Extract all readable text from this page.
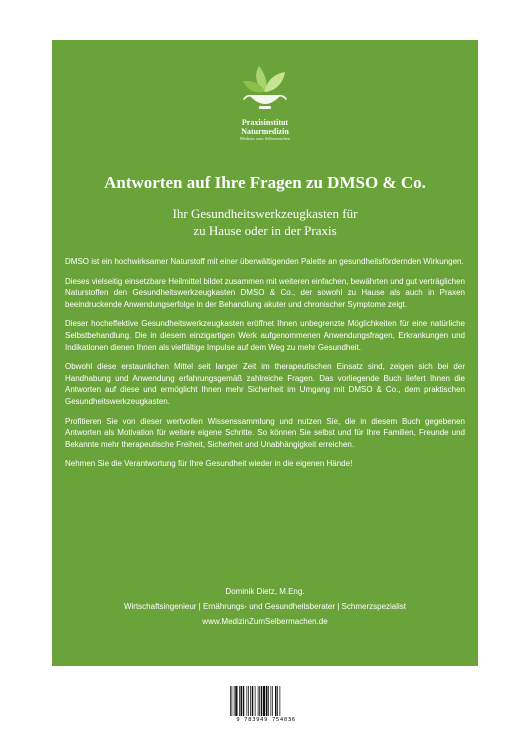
Praxisinstitut
Naturmedizin
Medizin zum Selbermachen
Antworten auf Ihre Fragen zu DMSO & Co.
Ihr Gesundheitswerkzeugkasten für
zu Hause oder in der Praxis

DMSO ist ein hochwirksamer Naturstoff mit einer überwältigenden Palette an gesundheitsfördernden Wirkungen.

Dieses vielseitig einsetzbare Heilmittel bildet zusammen mit weiteren einfachen, bewährten und gut verträglichen Naturstoffen den Gesundheitswerkzeugkasten DMSO & Co., der sowohl zu Hause als auch in Praxen beeindruckende Anwendungserfolge in der Behandlung akuter und chronischer Symptome zeigt.

Dieser hocheffektive Gesundheitswerkzeugkasten eröffnet Ihnen unbegrenzte Möglichkeiten für eine natürliche Selbstbehandlung. Die in diesem einzigartigen Werk aufgenommenen Anwendungsfragen, Erkrankungen und Indikationen dienen Ihnen als vielfältige Impulse auf dem Weg zu mehr Gesundheit.

Obwohl diese erstaunlichen Mittel seit langer Zeit im therapeutischen Einsatz sind, zeigen sich bei der Handhabung und Anwendung erfahrungsgemäß zahlreiche Fragen. Das vorliegende Buch liefert Ihnen die Antworten auf diese und ermöglicht Ihnen mehr Sicherheit im Umgang mit DMSO & Co., dem praktischen Gesundheitswerkzeugkasten.

Profitieren Sie von dieser wertvollen Wissenssammlung und nutzen Sie, die in diesem Buch gegebenen Antworten als Motivation für weitere eigene Schritte. So können Sie selbst und für Ihre Familien, Freunde und Bekannte mehr therapeutische Freiheit, Sicherheit und Unabhängigkeit erreichen.

Nehmen Sie die Verantwortung für Ihre Gesundheit wieder in die eigenen Hände!

Dominik Dietz, M.Eng.
Wirtschaftsingenieur | Ernährungs- und Gesundheitsberater | Schmerzspezialist
www.MedizinZumSelbermachen.de
9 783949 754036
